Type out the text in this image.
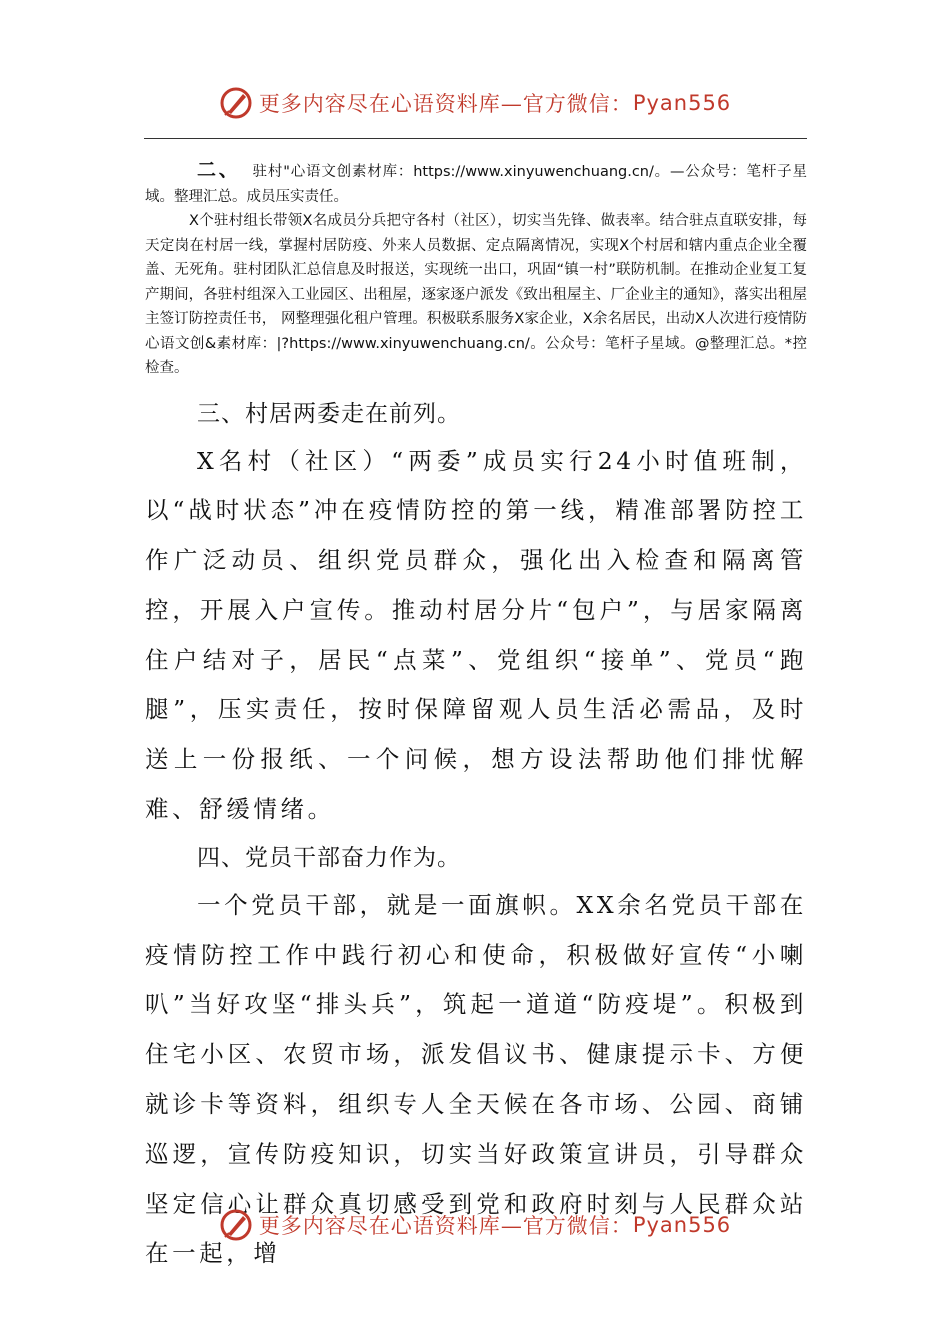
更多内容尽在心语资料库 —官方微信： Pyan556

二、 驻村"心语文创素材库：https://www.xinyuwenchuang.cn/。—公众号：笔杆子星域。整理汇总。成员压实责任。

X个驻村组长带领X名成员分兵把守各村（社区），切实当先锋、做表率。结合驻点直联安排，每天定岗在村居一线，掌握村居防疫、外来人员数据、定点隔离情况，实现X个村居和辖内重点企业全覆盖、无死角。驻村团队汇总信息及时报送，实现统一出口，巩固“镇一村”联防机制。在推动企业复工复产期间，各驻村组深入工业园区、出租屋，逐家逐户派发《致出租屋主、厂企业主的通知》，落实出租屋主签订防控责任书， 网整理强化租户管理。积极联系服务X家企业，X余名居民，出动X人次进行疫情防心语文创&素材库：|?https://www.xinyuwenchuang.cn/。公众号：笔杆子星域。@整理汇总。*控检查。

三、村居两委走在前列。

X名村（社区）“两委”成员实行24小时值班制，以“战时状态”冲在疫情防控的第一线，精准部署防控工作广泛动员、组织党员群众，强化出入检查和隔离管控，开展入户宣传。推动村居分片“包户”，与居家隔离住户结对子，居民“点菜”、党组织“接单”、党员“跑腿”，压实责任，按时保障留观人员生活必需品，及时送上一份报纸、一个问候，想方设法帮助他们排忧解难、舒缓情绪。

四、党员干部奋力作为。

一个党员干部，就是一面旗帜。XX余名党员干部在疫情防控工作中践行初心和使命，积极做好宣传“小喇叭”当好攻坚“排头兵”，筑起一道道“防疫堤”。积极到住宅小区、农贸市场，派发倡议书、健康提示卡、方便就诊卡等资料，组织专人全天候在各市场、公园、商铺巡逻，宣传防疫知识，切实当好政策宣讲员，引导群众坚定信心让群众真切感受到党和政府时刻与人民群众站在一起，增

更多内容尽在心语资料库 —官方微信： Pyan556
